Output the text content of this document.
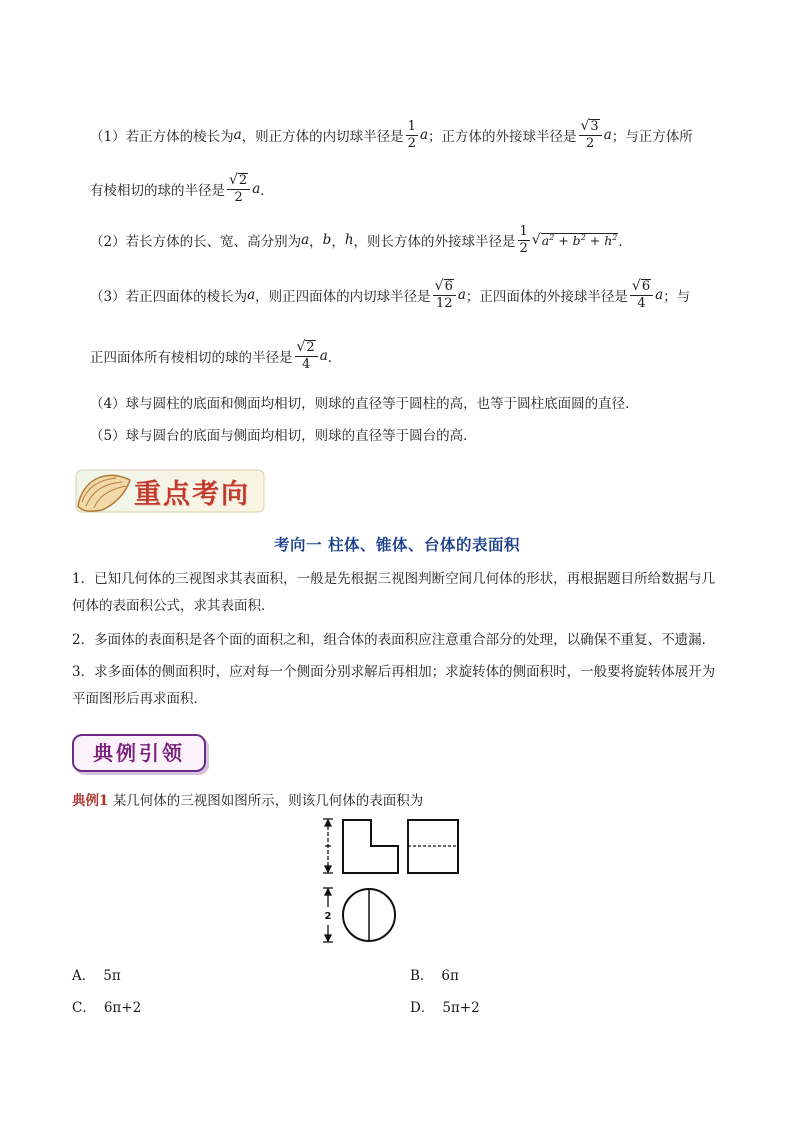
（1）若正方体的棱长为 a ，则正方体的内切球半径是 $\frac{1}{2}$ a ；正方体的外接球半径是 $\frac{√ 3}{2}$ a ；与正方体所
有棱相切的球的半径是 $\frac{√ 2}{2}$ a ．
（2）若长方体的长、宽、高分别为 a ， b ， h ，则长方体的外接球半径是 $\frac{1}{2}$ √ $a^2 + b^2 + h^2$ ．
（3）若正四面体的棱长为 a ，则正四面体的内切球半径是 $\frac{√ 6}{12}$ a ；正四面体的外接球半径是 $\frac{√ 6}{4}$ a ；与
正四面体所有棱相切的球的半径是 $\frac{√ 2}{4}$ a ．
（4）球与圆柱的底面和侧面均相切，则球的直径等于圆柱的高，也等于圆柱底面圆的直径．
（5）球与圆台的底面与侧面均相切，则球的直径等于圆台的高．
重点考向
考向一 柱体、锥体、台体的表面积
1．已知几何体的三视图求其表面积，一般是先根据三视图判断空间几何体的形状，再根据题目所给数据与几何体的表面积公式，求其表面积．
2．多面体的表面积是各个面的面积之和，组合体的表面积应注意重合部分的处理，以确保不重复、不遗漏．
3．求多面体的侧面积时，应对每一个侧面分别求解后再相加；求旋转体的侧面积时，一般要将旋转体展开为平面图形后再求面积．
典例引领
典例1 某几何体的三视图如图所示，则该几何体的表面积为
2
A． 5π	B． 6π
C． 6π+2	D． 5π+2
